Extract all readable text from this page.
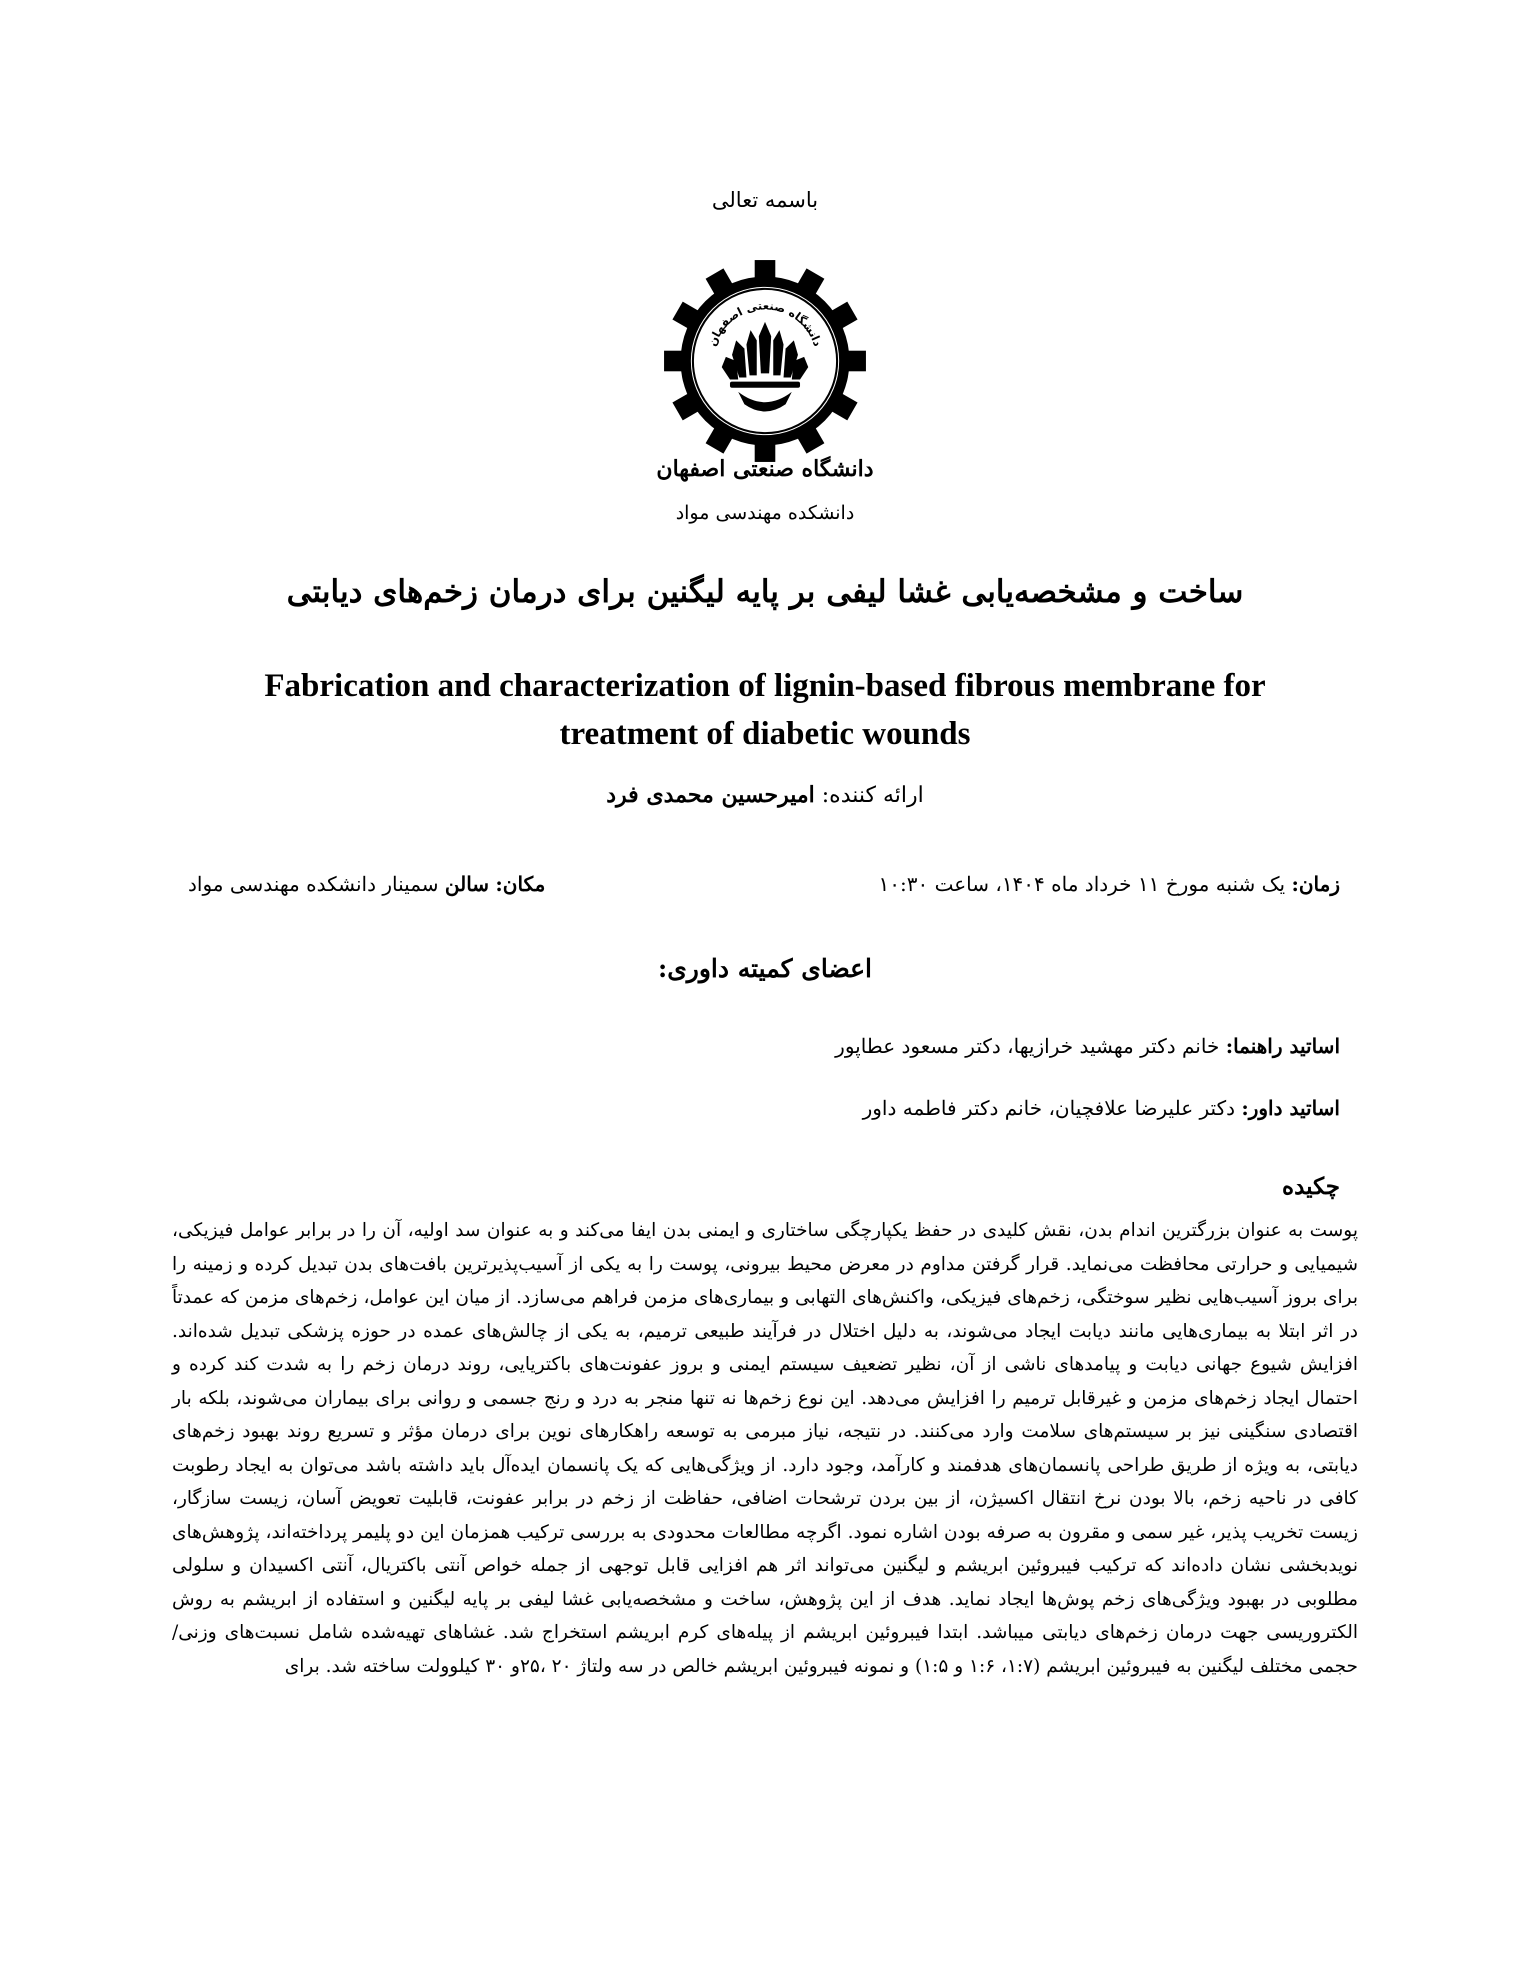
باسمه تعالی
دانشگاه صنعتی اصفهان
دانشگاه صنعتی اصفهان
دانشکده مهندسی مواد
ساخت و مشخصه‌یابی غشا لیفی بر پایه لیگنین برای درمان زخم‌های دیابتی
Fabrication and characterization of lignin-based fibrous membrane for treatment of diabetic wounds
ارائه کننده: امیرحسین محمدی فرد
زمان: یک شنبه مورخ ۱۱ خرداد ماه ۱۴۰۴، ساعت ۱۰:۳۰
مکان: سالن سمینار دانشکده مهندسی مواد
اعضای کمیته داوری:
اساتید راهنما: خانم دکتر مهشید خرازیها، دکتر مسعود عطاپور
اساتید داور: دکتر علیرضا علافچیان، خانم دکتر فاطمه داور
چکیده
پوست به عنوان بزرگترین اندام بدن، نقش کلیدی در حفظ یکپارچگی ساختاری و ایمنی بدن ایفا می‌کند و به عنوان سد اولیه، آن را در برابر عوامل فیزیکی، شیمیایی و حرارتی محافظت می‌نماید. قرار گرفتن مداوم در معرض محیط بیرونی، پوست را به یکی از آسیب‌پذیرترین بافت‌های بدن تبدیل کرده و زمینه را برای بروز آسیب‌هایی نظیر سوختگی، زخم‌های فیزیکی، واکنش‌های التهابی و بیماری‌های مزمن فراهم می‌سازد. از میان این عوامل، زخم‌های مزمن که عمدتاً در اثر ابتلا به بیماری‌هایی مانند دیابت ایجاد می‌شوند، به دلیل اختلال در فرآیند طبیعی ترمیم، به یکی از چالش‌های عمده در حوزه پزشکی تبدیل شده‌اند. افزایش شیوع جهانی دیابت و پیامدهای ناشی از آن، نظیر تضعیف سیستم ایمنی و بروز عفونت‌های باکتریایی، روند درمان زخم را به شدت کند کرده و احتمال ایجاد زخم‌های مزمن و غیرقابل ترمیم را افزایش می‌دهد. این نوع زخم‌ها نه تنها منجر به درد و رنج جسمی و روانی برای بیماران می‌شوند، بلکه بار اقتصادی سنگینی نیز بر سیستم‌های سلامت وارد می‌کنند. در نتیجه، نیاز مبرمی به توسعه راهکارهای نوین برای درمان مؤثر و تسریع روند بهبود زخم‌های دیابتی، به ویژه از طریق طراحی پانسمان‌های هدفمند و کارآمد، وجود دارد. از ویژگی‌هایی که یک پانسمان ایده‌آل باید داشته باشد می‌توان به ایجاد رطوبت کافی در ناحیه زخم، بالا بودن نرخ انتقال اکسیژن، از بین بردن ترشحات اضافی، حفاظت از زخم در برابر عفونت، قابلیت تعویض آسان، زیست سازگار، زیست تخریب پذیر، غیر سمی و مقرون به صرفه بودن اشاره نمود. اگرچه مطالعات محدودی به بررسی ترکیب همزمان این دو پلیمر پرداخته‌اند، پژوهش‌های نویدبخشی نشان داده‌اند که ترکیب فیبروئین ابریشم و لیگنین می‌تواند اثر هم افزایی قابل توجهی از جمله خواص آنتی باکتریال، آنتی اکسیدان و سلولی مطلوبی در بهبود ویژگی‌های زخم پوش‌ها ایجاد نماید. هدف از این پژوهش، ساخت و مشخصه‌یابی غشا لیفی بر پایه لیگنین و استفاده از ابریشم به روش الکتروریسی جهت درمان زخم‌های دیابتی میباشد. ابتدا فیبروئین ابریشم از پیله‌های کرم ابریشم استخراج شد. غشاهای تهیه‌شده شامل نسبت‌های وزنی/حجمی مختلف لیگنین به فیبروئین ابریشم (۱:۷، ۱:۶ و ۱:۵) و نمونه فیبروئین ابریشم خالص در سه ولتاژ ۲۰ ،۲۵و ۳۰ کیلوولت ساخته شد. برای
